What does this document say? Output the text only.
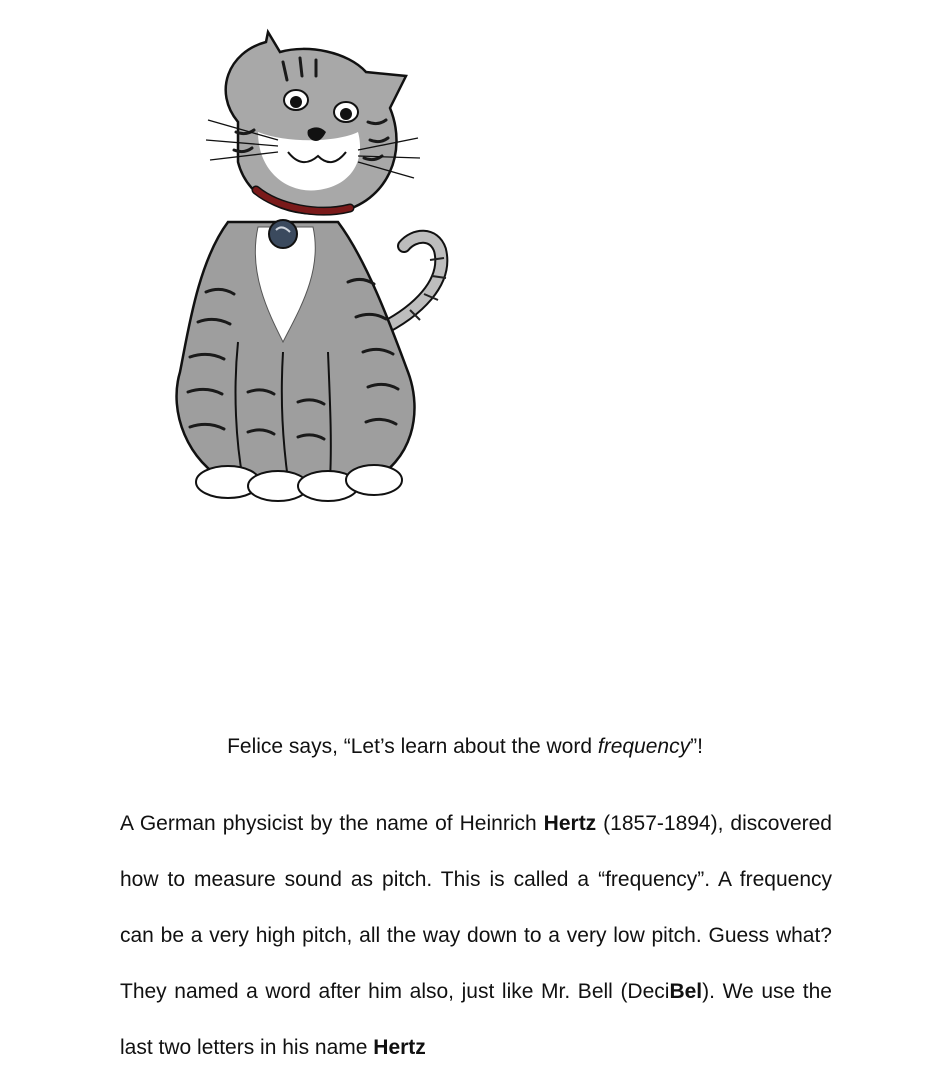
Felice says, “Let’s learn about the word frequency”!

A German physicist by the name of Heinrich Hertz (1857-1894), discovered how to measure sound as pitch. This is called a “frequency”. A frequency can be a very high pitch, all the way down to a very low pitch. Guess what? They named a word after him also, just like Mr. Bell (DeciBel). We use the last two letters in his name Hertz
